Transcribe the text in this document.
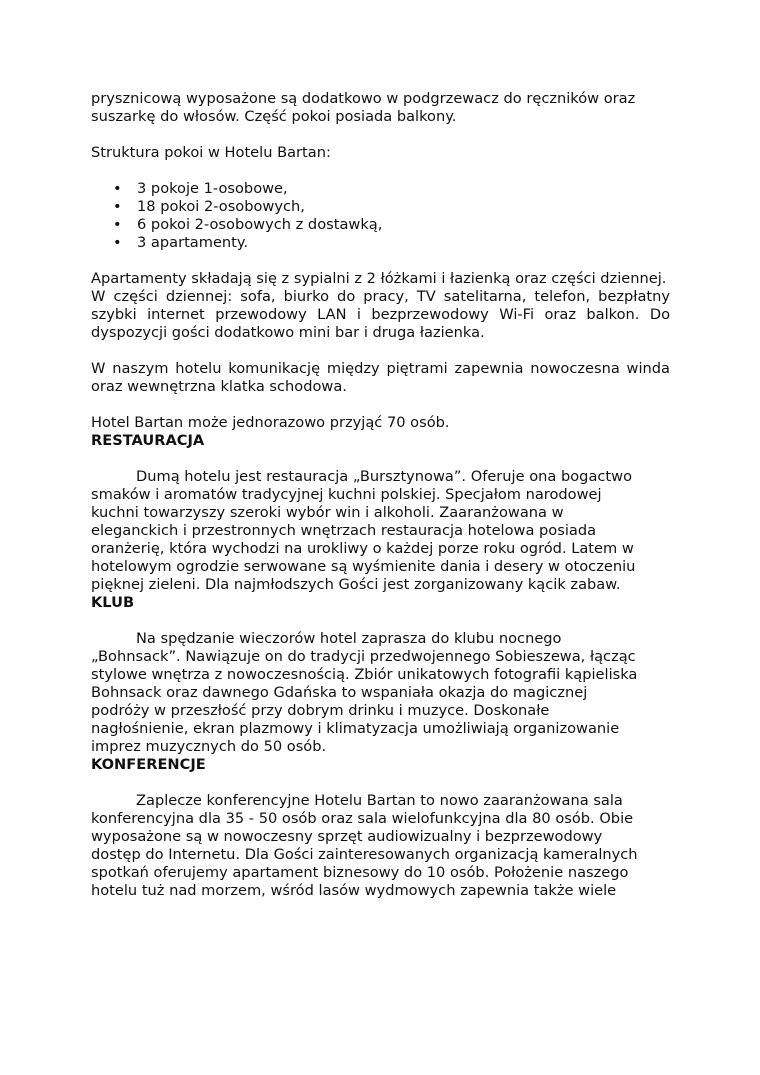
prysznicową wyposażone są dodatkowo w podgrzewacz do ręczników oraz
suszarkę do włosów. Część pokoi posiada balkony.

Struktura pokoi w Hotelu Bartan:

• 3 pokoje 1-osobowe,
• 18 pokoi 2-osobowych,
• 6 pokoi 2-osobowych z dostawką,
• 3 apartamenty.

Apartamenty składają się z sypialni z 2 łóżkami i łazienką oraz części dziennej.

W części dziennej: sofa, biurko do pracy, TV satelitarna, telefon, bezpłatny szybki internet przewodowy LAN i bezprzewodowy Wi-Fi oraz balkon. Do dyspozycji gości dodatkowo mini bar i druga łazienka.

W naszym hotelu komunikację między piętrami zapewnia nowoczesna winda oraz wewnętrzna klatka schodowa.

Hotel Bartan może jednorazowo przyjąć 70 osób.

RESTAURACJA

Dumą hotelu jest restauracja „Bursztynowa”. Oferuje ona bogactwo
smaków i aromatów tradycyjnej kuchni polskiej. Specjałom narodowej
kuchni towarzyszy szeroki wybór win i alkoholi. Zaaranżowana w
eleganckich i przestronnych wnętrzach restauracja hotelowa posiada
oranżerię, która wychodzi na urokliwy o każdej porze roku ogród. Latem w
hotelowym ogrodzie serwowane są wyśmienite dania i desery w otoczeniu
pięknej zieleni. Dla najmłodszych Gości jest zorganizowany kącik zabaw.

KLUB

Na spędzanie wieczorów hotel zaprasza do klubu nocnego
„Bohnsack”. Nawiązuje on do tradycji przedwojennego Sobieszewa, łącząc
stylowe wnętrza z nowoczesnością. Zbiór unikatowych fotografii kąpieliska
Bohnsack oraz dawnego Gdańska to wspaniała okazja do magicznej
podróży w przeszłość przy dobrym drinku i muzyce. Doskonałe
nagłośnienie, ekran plazmowy i klimatyzacja umożliwiają organizowanie
imprez muzycznych do 50 osób.

KONFERENCJE

Zaplecze konferencyjne Hotelu Bartan to nowo zaaranżowana sala
konferencyjna dla 35 - 50 osób oraz sala wielofunkcyjna dla 80 osób. Obie
wyposażone są w nowoczesny sprzęt audiowizualny i bezprzewodowy
dostęp do Internetu. Dla Gości zainteresowanych organizacją kameralnych
spotkań oferujemy apartament biznesowy do 10 osób. Położenie naszego
hotelu tuż nad morzem, wśród lasów wydmowych zapewnia także wiele
